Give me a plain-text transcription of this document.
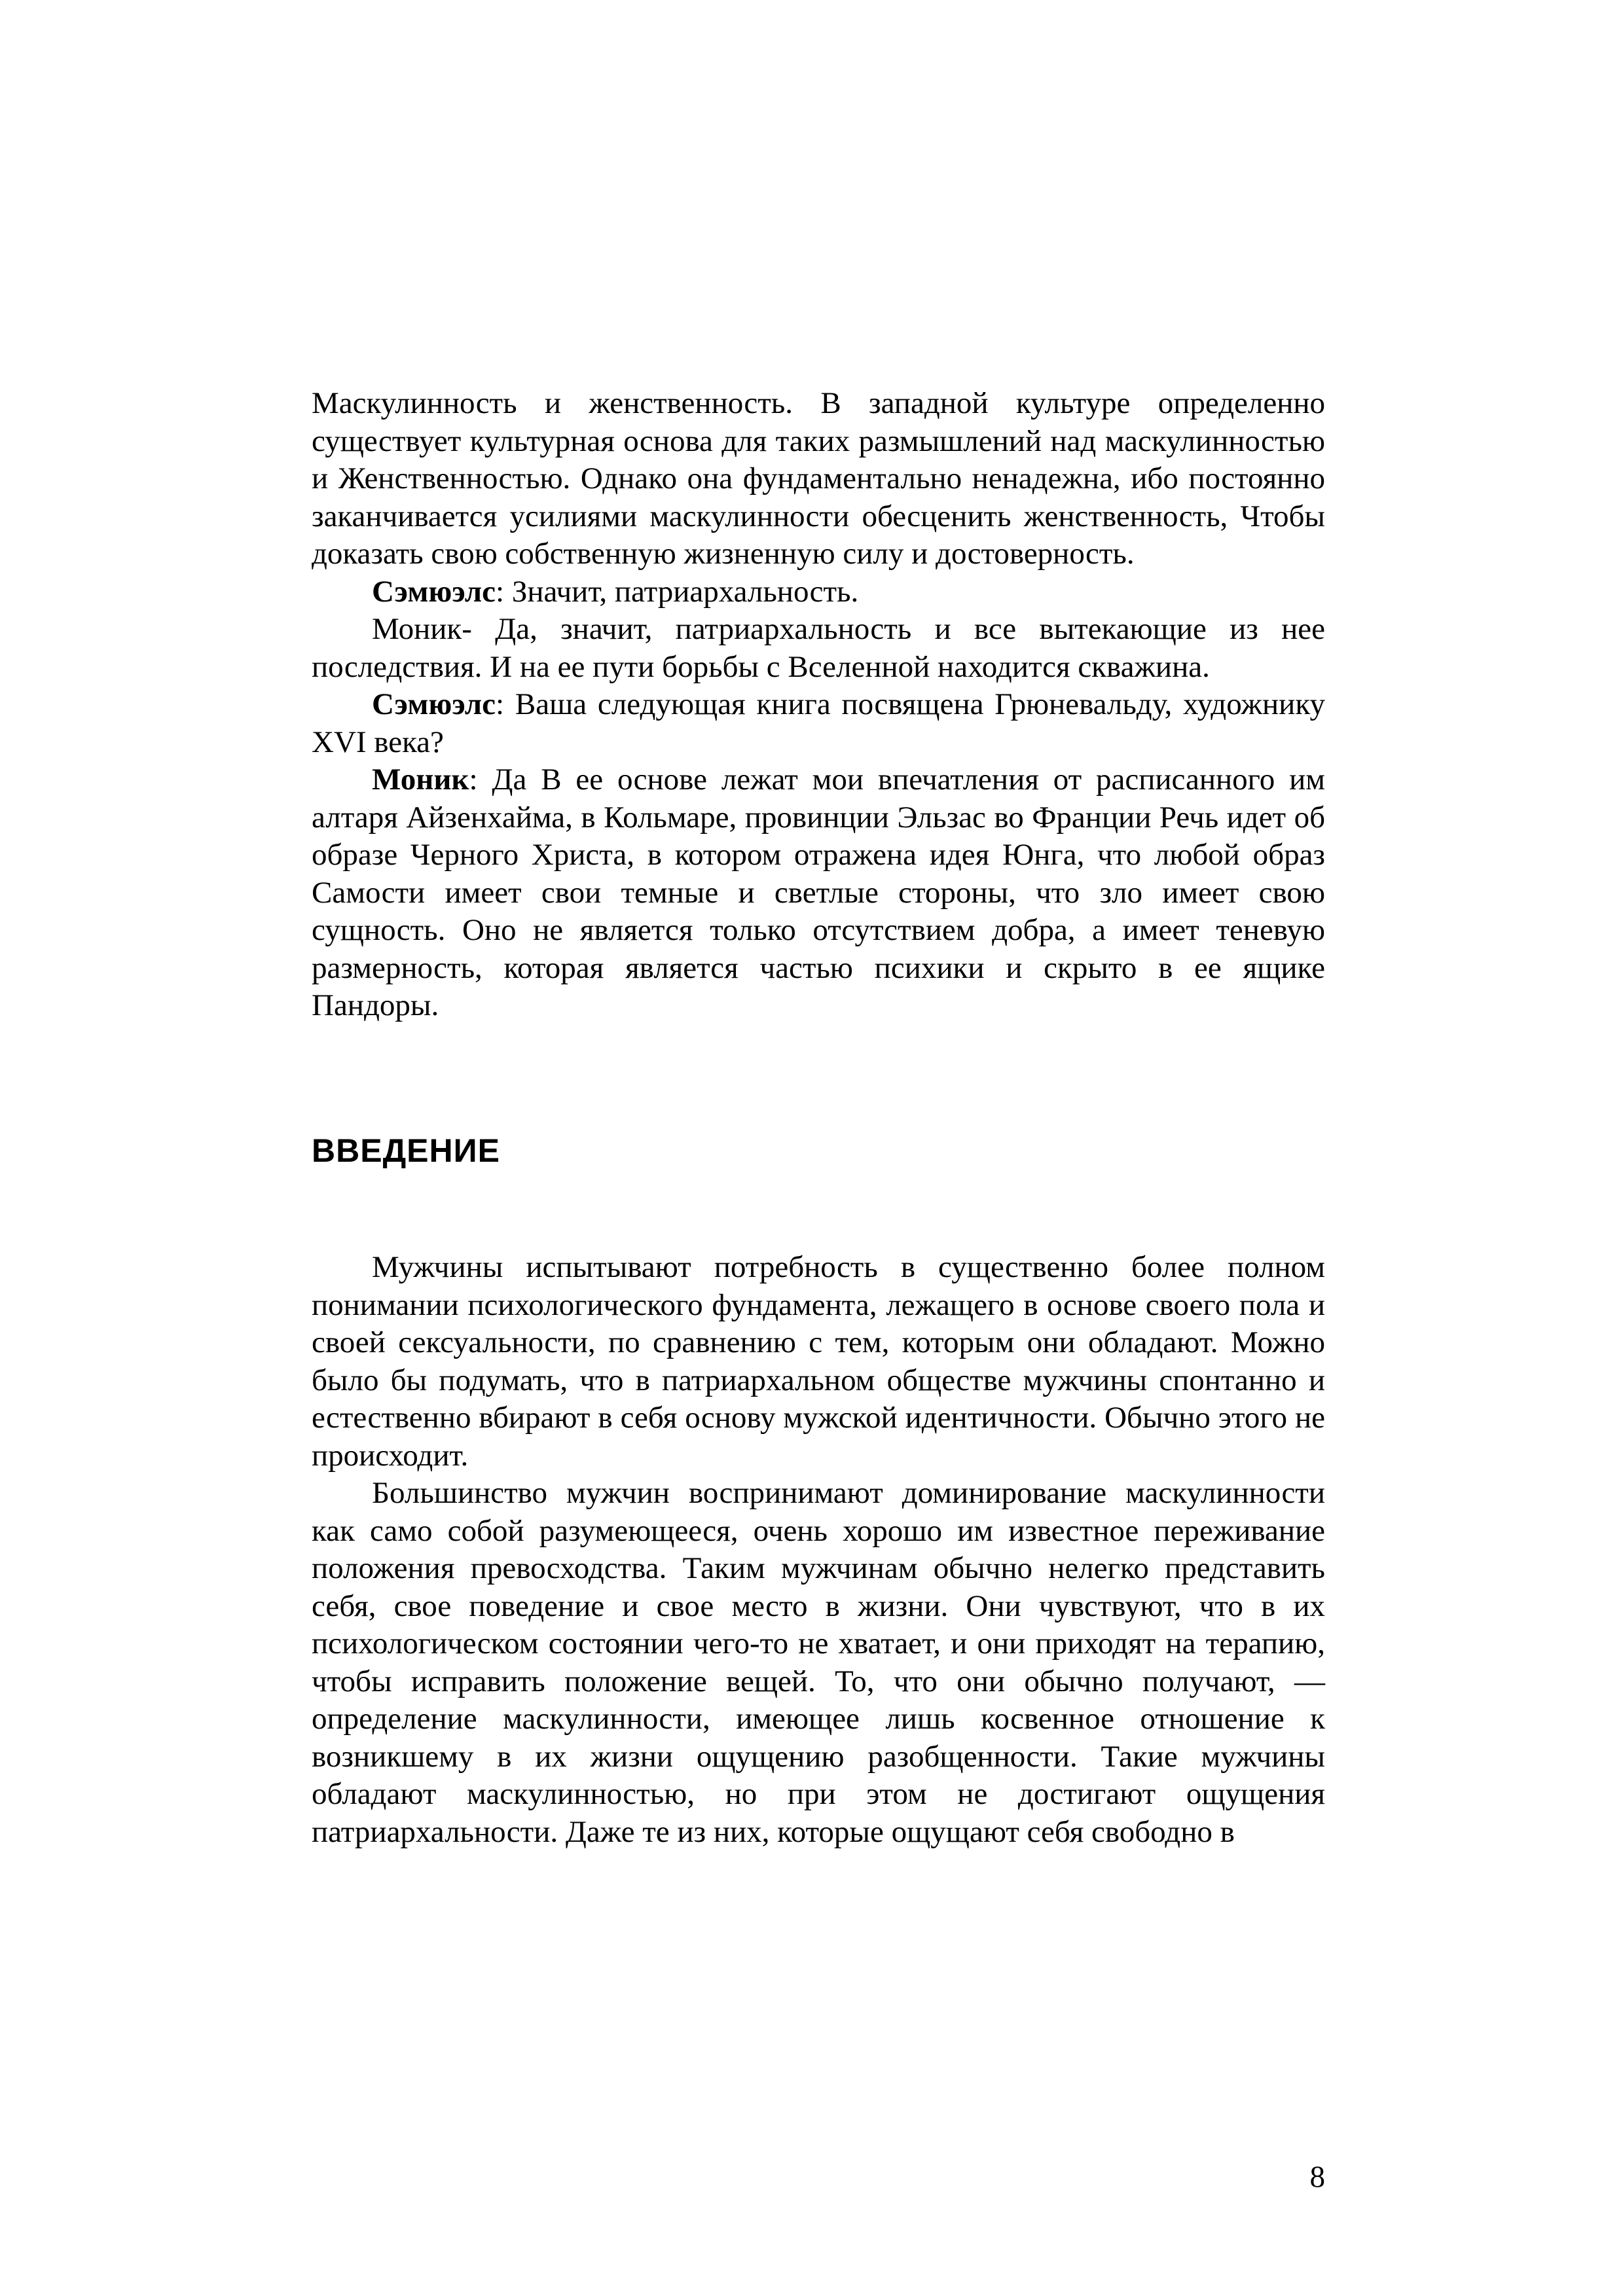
Маскулинность и женственность. В западной культуре определенно существует культурная основа для таких размышлений над маскулинностью и Женственностью. Однако она фундаментально ненадежна, ибо постоянно заканчивается усилиями маскулинности обесценить женственность, Чтобы доказать свою собственную жизненную силу и достоверность.

Сэмюэлс: Значит, патриархальность.

Моник- Да, значит, патриархальность и все вытекающие из нее последствия. И на ее пути борьбы с Вселенной находится скважина.

Сэмюэлс: Ваша следующая книга посвящена Грюневальду, художнику XVI века?

Моник: Да В ее основе лежат мои впечатления от расписанного им алтаря Айзенхайма, в Кольмаре, провинции Эльзас во Франции Речь идет об образе Черного Христа, в котором отражена идея Юнга, что любой образ Самости имеет свои темные и светлые стороны, что зло имеет свою сущность. Оно не является только отсутствием добра, а имеет теневую размерность, которая является частью психики и скрыто в ее ящике Пандоры.

ВВЕДЕНИЕ

Мужчины испытывают потребность в существенно более полном понимании психологического фундамента, лежащего в основе своего пола и своей сексуальности, по сравнению с тем, которым они обладают. Можно было бы подумать, что в патриархальном обществе мужчины спонтанно и естественно вбирают в себя основу мужской идентичности. Обычно этого не происходит.

Большинство мужчин воспринимают доминирование маскулинности как само собой разумеющееся, очень хорошо им известное переживание положения превосходства. Таким мужчинам обычно нелегко представить себя, свое поведение и свое место в жизни. Они чувствуют, что в их психологическом состоянии чего-то не хватает, и они приходят на терапию, чтобы исправить положение вещей. То, что они обычно получают, — определение маскулинности, имеющее лишь косвенное отношение к возникшему в их жизни ощущению разобщенности. Такие мужчины обладают маскулинностью, но при этом не достигают ощущения патриархальности. Даже те из них, которые ощущают себя свободно в

8
